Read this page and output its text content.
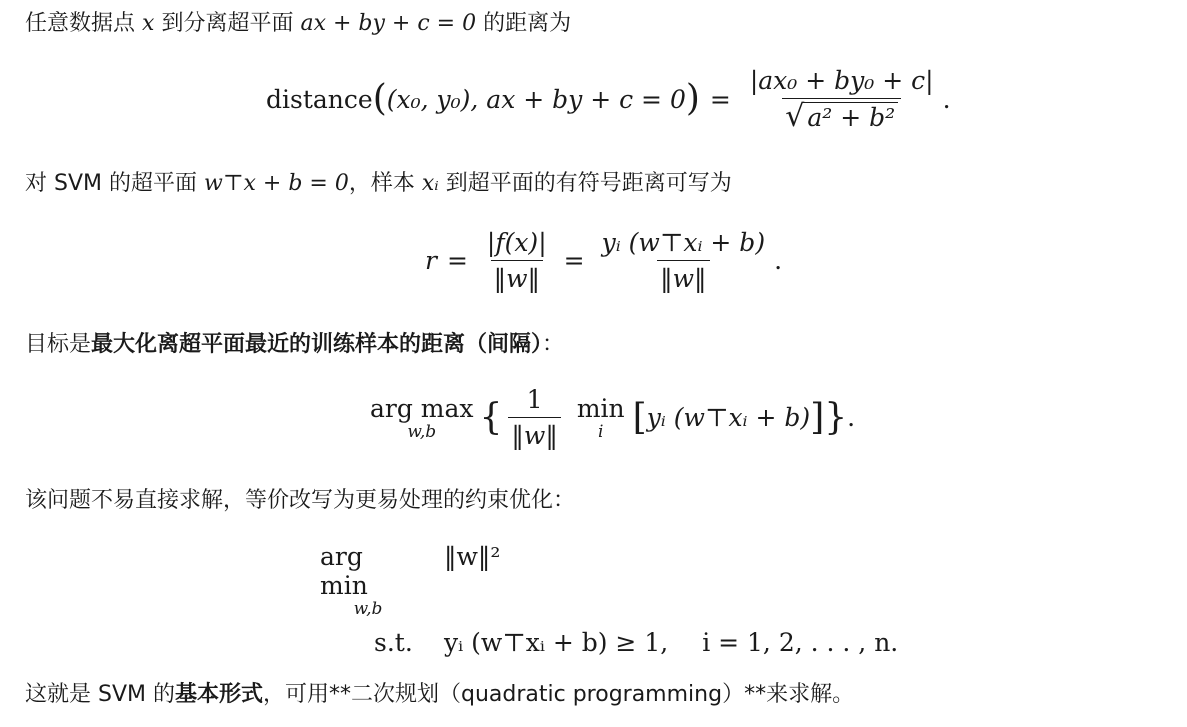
任意数据点 x 到分离超平面 ax + by + c = 0 的距离为
distance ( (x₀, y₀), ax + by + c = 0 ) = $\frac{\text{|ax₀ + by₀ + c|}}{\text{√ a² + b²}}$ .
对 SVM 的超平面 w⊤x + b = 0，样本 xᵢ 到超平面的有符号距离可写为
$r = \frac{|f(x)|}{‖w‖} = \frac{\text{yᵢ (w⊤xᵢ + b)}}{‖w‖}$ .
目标是最大化离超平面最近的训练样本的距离（间隔）：
arg max
w,b { $\frac{1}{‖w‖}$ min
i [ yᵢ (w⊤xᵢ + b) ] } .
该问题不易直接求解，等价改写为更易处理的约束优化：
arg min
w,b
‖w‖²
s.t.	yᵢ (w⊤xᵢ + b) ≥ 1, i = 1, 2, . . . , n.
这就是 SVM 的基本形式，可用**二次规划（quadratic programming）**来求解。
